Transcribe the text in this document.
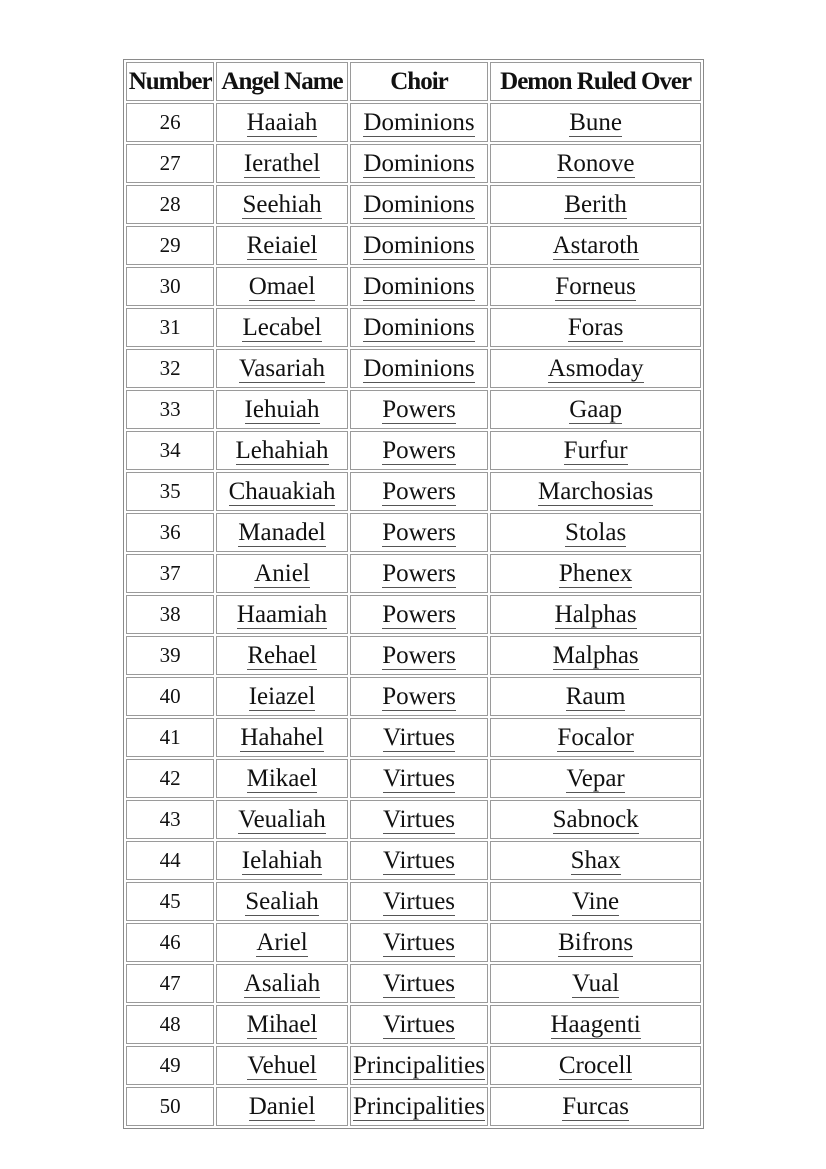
Number	Angel Name	Choir	Demon Ruled Over
26	Haaiah	Dominions	Bune
27	Ierathel	Dominions	Ronove
28	Seehiah	Dominions	Berith
29	Reiaiel	Dominions	Astaroth
30	Omael	Dominions	Forneus
31	Lecabel	Dominions	Foras
32	Vasariah	Dominions	Asmoday
33	Iehuiah	Powers	Gaap
34	Lehahiah	Powers	Furfur
35	Chauakiah	Powers	Marchosias
36	Manadel	Powers	Stolas
37	Aniel	Powers	Phenex
38	Haamiah	Powers	Halphas
39	Rehael	Powers	Malphas
40	Ieiazel	Powers	Raum
41	Hahahel	Virtues	Focalor
42	Mikael	Virtues	Vepar
43	Veualiah	Virtues	Sabnock
44	Ielahiah	Virtues	Shax
45	Sealiah	Virtues	Vine
46	Ariel	Virtues	Bifrons
47	Asaliah	Virtues	Vual
48	Mihael	Virtues	Haagenti
49	Vehuel	Principalities	Crocell
50	Daniel	Principalities	Furcas
